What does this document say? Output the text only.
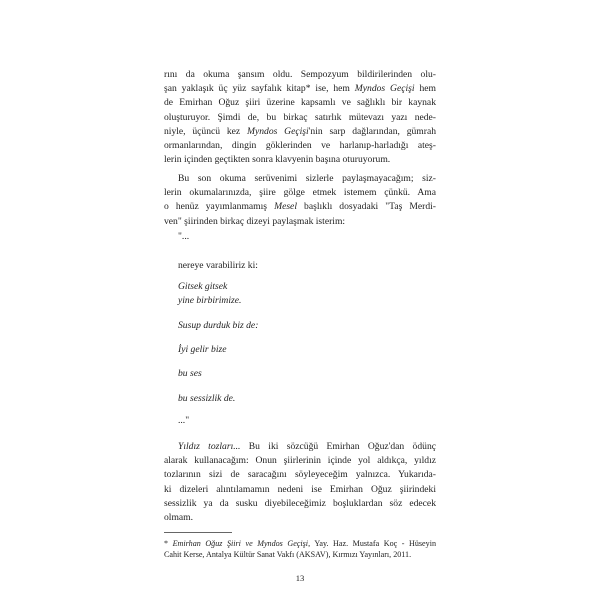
rını da okuma şansım oldu. Sempozyum bildirilerinden olu-
şan yaklaşık üç yüz sayfalık kitap* ise, hem Myndos Geçişi hem
de Emirhan Oğuz şiiri üzerine kapsamlı ve sağlıklı bir kaynak
oluşturuyor. Şimdi de, bu birkaç satırlık mütevazı yazı nede-
niyle, üçüncü kez Myndos Geçişi'nin sarp dağlarından, gümrah
ormanlarından, dingin göklerinden ve harlanıp-harladığı ateş-
lerin içinden geçtikten sonra klavyenin başına oturuyorum.
Bu son okuma serüvenimi sizlerle paylaşmayacağım; siz-
lerin okumalarınızda, şiire gölge etmek istemem çünkü. Ama
o henüz yayımlanmamış Mesel başlıklı dosyadaki "Taş Merdi-
ven" şiirinden birkaç dizeyi paylaşmak isterim:
"...
nereye varabiliriz ki:
Gitsek gitsek
yine birbirimize.
Susup durduk biz de:
İyi gelir bize
bu ses
bu sessizlik de.
..."
Yıldız tozları... Bu iki sözcüğü Emirhan Oğuz'dan ödünç
alarak kullanacağım: Onun şiirlerinin içinde yol aldıkça, yıldız
tozlarının sizi de saracağını söyleyeceğim yalnızca. Yukarıda-
ki dizeleri alıntılamamın nedeni ise Emirhan Oğuz şiirindeki
sessizlik ya da susku diyebileceğimiz boşluklardan söz edecek
olmam.
* Emirhan Oğuz Şiiri ve Myndos Geçişi, Yay. Haz. Mustafa Koç - Hüseyin
Cahit Kerse, Antalya Kültür Sanat Vakfı (AKSAV), Kırmızı Yayınları, 2011.
13
